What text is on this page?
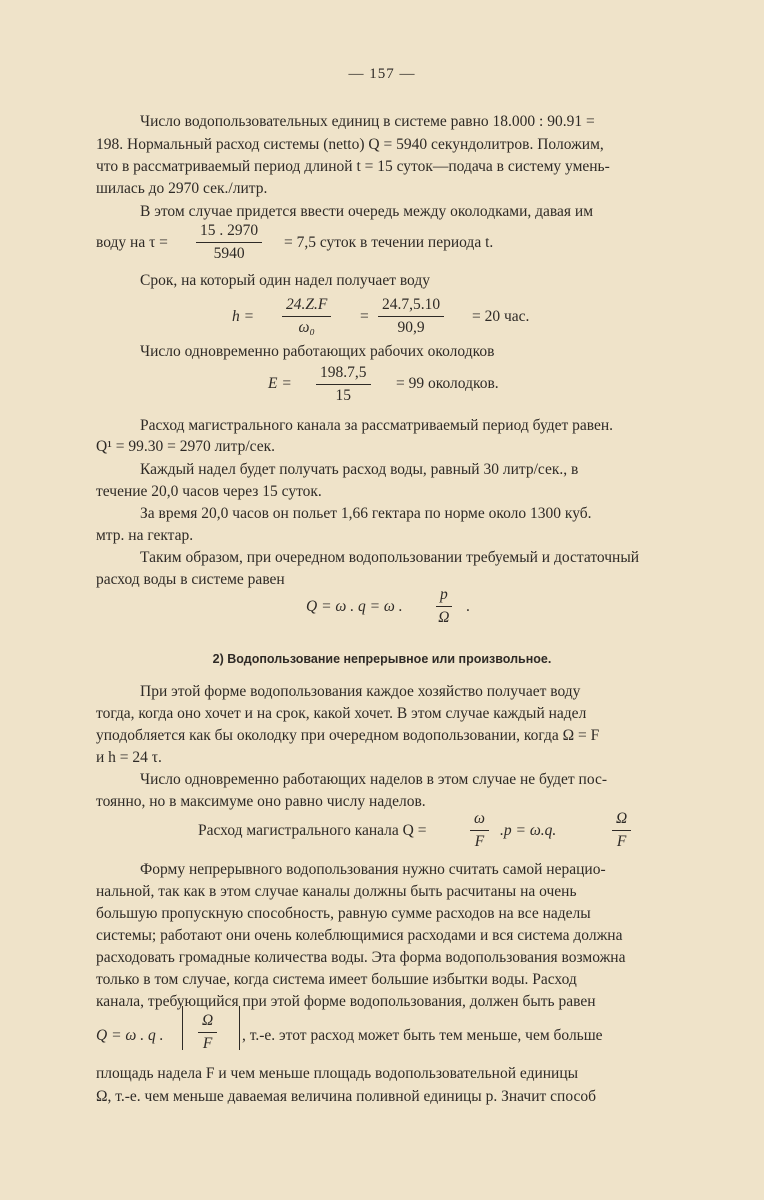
— 157 —
Число водопользовательных единиц в системе равно 18.000 : 90.91 =
198. Нормальный расход системы (netto) Q = 5940 секундолитров. Положим,
что в рассматриваемый период длиной t = 15 суток—подача в систему умень-
шилась до 2970 сек./литр.
В этом случае придется ввести очередь между околодками, давая им
воду на $\tau = \frac{15 . 2970}{5940} = 7,5$ суток в течении периода t.
Срок, на который один надел получает воду
$h = \frac{24.Z.F}{\text{ω₀}} = \frac{24.7,5.10}{90,9} = 20$ час.
Число одновременно работающих рабочих околодков
$E = \frac{198.7,5}{15} = 99$ околодков.
Расход магистрального канала за рассматриваемый период будет равен.
Q¹ = 99.30 = 2970 литр/сек.
Каждый надел будет получать расход воды, равный 30 литр/сек., в
течение 20,0 часов через 15 суток.
За время 20,0 часов он польет 1,66 гектара по норме около 1300 куб.
мтр. на гектар.
Таким образом, при очередном водопользовании требуемый и достаточный
расход воды в системе равен
Q = ω . q = ω . $\frac{p}{\Omega}$ .
2) Водопользование непрерывное или произвольное.
При этой форме водопользования каждое хозяйство получает воду
тогда, когда оно хочет и на срок, какой хочет. В этом случае каждый надел
уподобляется как бы околодку при очередном водопользовании, когда Ω = F
и h = 24 τ.
Число одновременно работающих наделов в этом случае не будет пос-
тоянно, но в максимуме оно равно числу наделов.
Расход магистрального канала Q =	$\frac{\omega}{F} .p = \omega.q$.	$\frac{\Omega}{F}$
Форму непрерывного водопользования нужно считать самой нерацио-
нальной, так как в этом случае каналы должны быть расчитаны на очень
большую пропускную способность, равную сумме расходов на все наделы
системы; работают они очень колеблющимися расходами и вся система должна
расходовать громадные количества воды. Эта форма водопользования возможна
только в том случае, когда система имеет большие избытки воды. Расход
канала, требующийся при этой форме водопользования, должен быть равен
Q = ω . q . $\frac{\Omega}{F}$ , т.-е. этот расход может быть тем меньше, чем больше
площадь надела F и чем меньше площадь водопользовательной единицы
Ω, т.-е. чем меньше даваемая величина поливной единицы p. Значит способ
